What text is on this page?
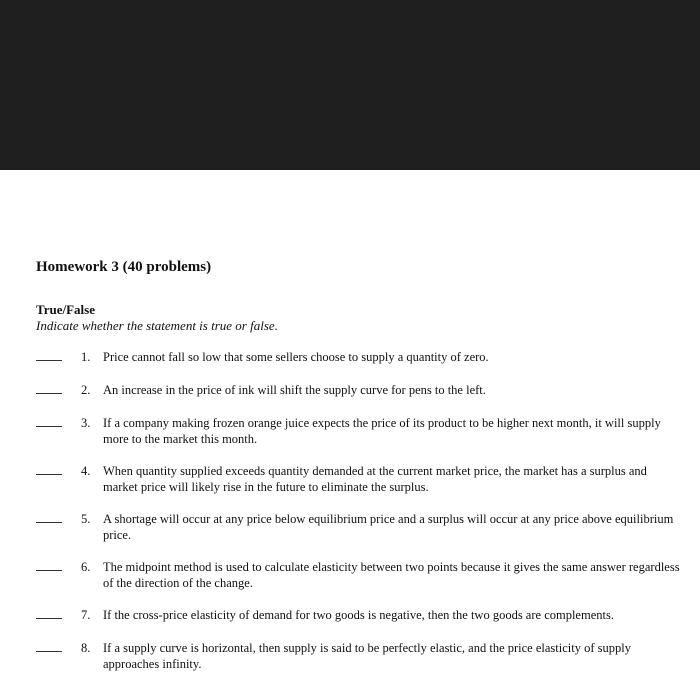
Homework 3 (40 problems)
True/False
Indicate whether the statement is true or false.
1. Price cannot fall so low that some sellers choose to supply a quantity of zero.
2. An increase in the price of ink will shift the supply curve for pens to the left.
3. If a company making frozen orange juice expects the price of its product to be higher next month, it will supply more to the market this month.
4. When quantity supplied exceeds quantity demanded at the current market price, the market has a surplus and market price will likely rise in the future to eliminate the surplus.
5. A shortage will occur at any price below equilibrium price and a surplus will occur at any price above equilibrium price.
6. The midpoint method is used to calculate elasticity between two points because it gives the same answer regardless of the direction of the change.
7. If the cross-price elasticity of demand for two goods is negative, then the two goods are complements.
8. If a supply curve is horizontal, then supply is said to be perfectly elastic, and the price elasticity of supply approaches infinity.
